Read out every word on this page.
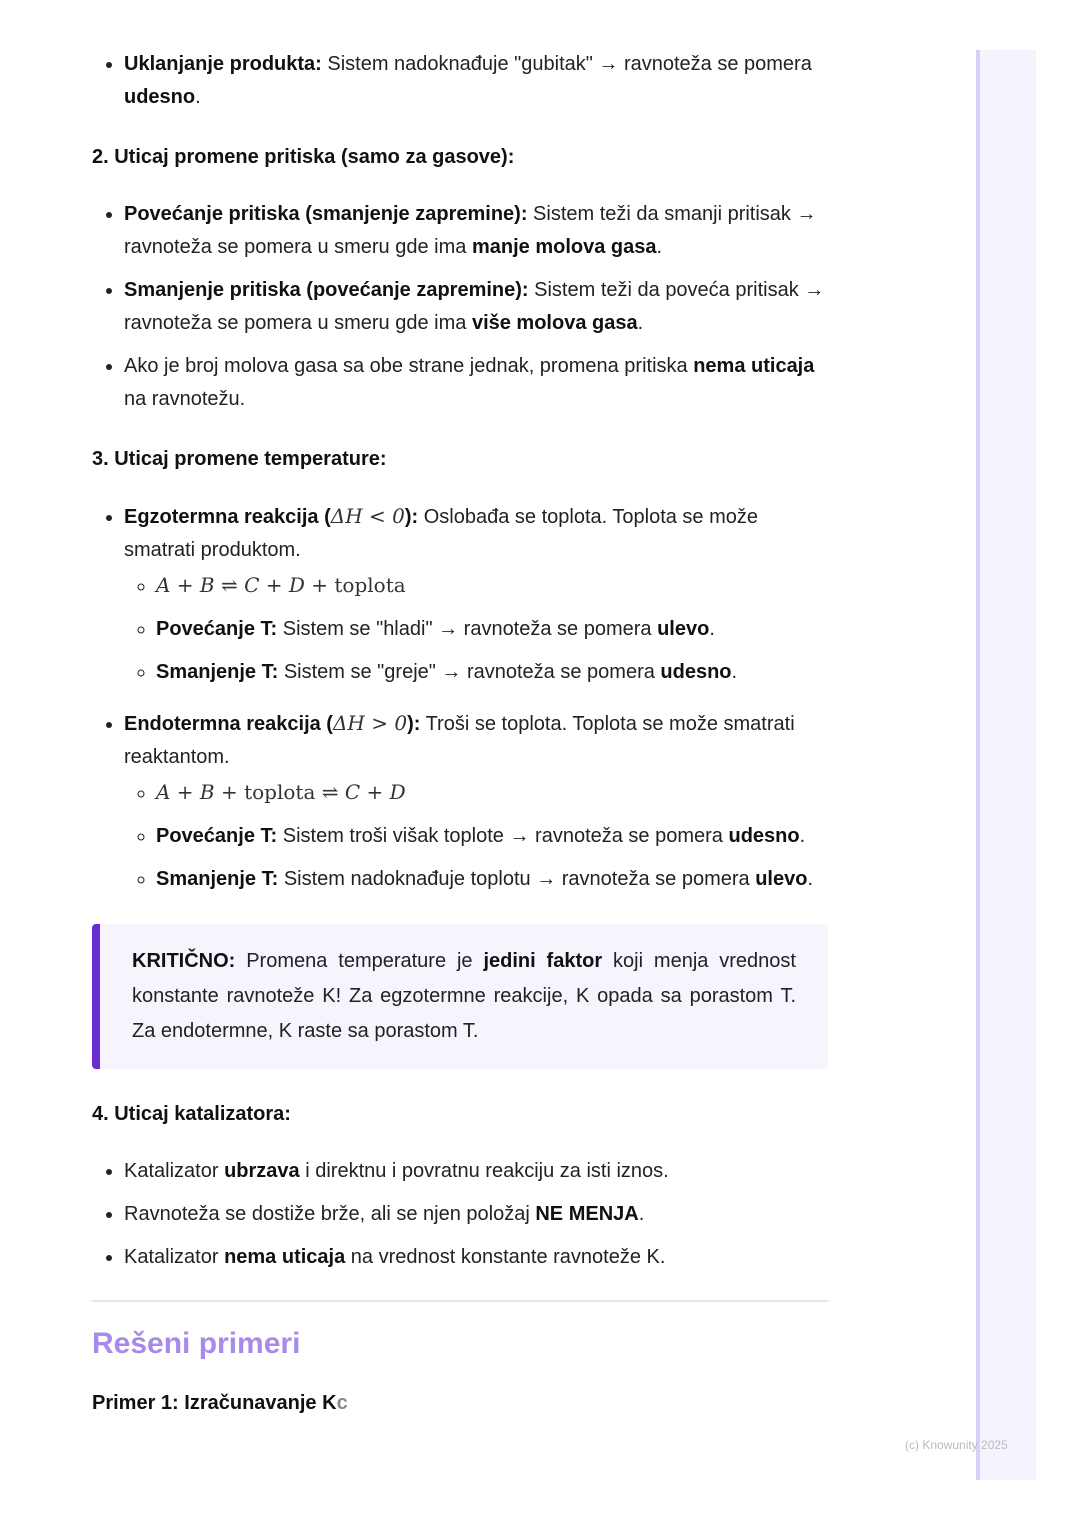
• Uklanjanje produkta: Sistem nadoknađuje "gubitak" → ravnoteža se pomera udesno.
2. Uticaj promene pritiska (samo za gasove):
• Povećanje pritiska (smanjenje zapremine): Sistem teži da smanji pritisak → ravnoteža se pomera u smeru gde ima manje molova gasa.
• Smanjenje pritiska (povećanje zapremine): Sistem teži da poveća pritisak → ravnoteža se pomera u smeru gde ima više molova gasa.
• Ako je broj molova gasa sa obe strane jednak, promena pritiska nema uticaja na ravnotežu.
3. Uticaj promene temperature:
• Egzotermna reakcija (ΔH < 0): Oslobađa se toplota. Toplota se može smatrati produktom.
◦ A + B ⇌ C + D + toplota
◦ Povećanje T: Sistem se "hladi" → ravnoteža se pomera ulevo.
◦ Smanjenje T: Sistem se "greje" → ravnoteža se pomera udesno.
• Endotermna reakcija (ΔH > 0): Troši se toplota. Toplota se može smatrati reaktantom.
◦ A + B + toplota ⇌ C + D
◦ Povećanje T: Sistem troši višak toplote → ravnoteža se pomera udesno.
◦ Smanjenje T: Sistem nadoknađuje toplotu → ravnoteža se pomera ulevo.
KRITIČNO: Promena temperature je jedini faktor koji menja vrednost konstante ravnoteže K! Za egzotermne reakcije, K opada sa porastom T. Za endotermne, K raste sa porastom T.
4. Uticaj katalizatora:
• Katalizator ubrzava i direktnu i povratnu reakciju za isti iznos.
• Ravnoteža se dostiže brže, ali se njen položaj NE MENJA.
• Katalizator nema uticaja na vrednost konstante ravnoteže K.
Rešeni primeri
Primer 1: Izračunavanje Kc
(c) Knowunity 2025
